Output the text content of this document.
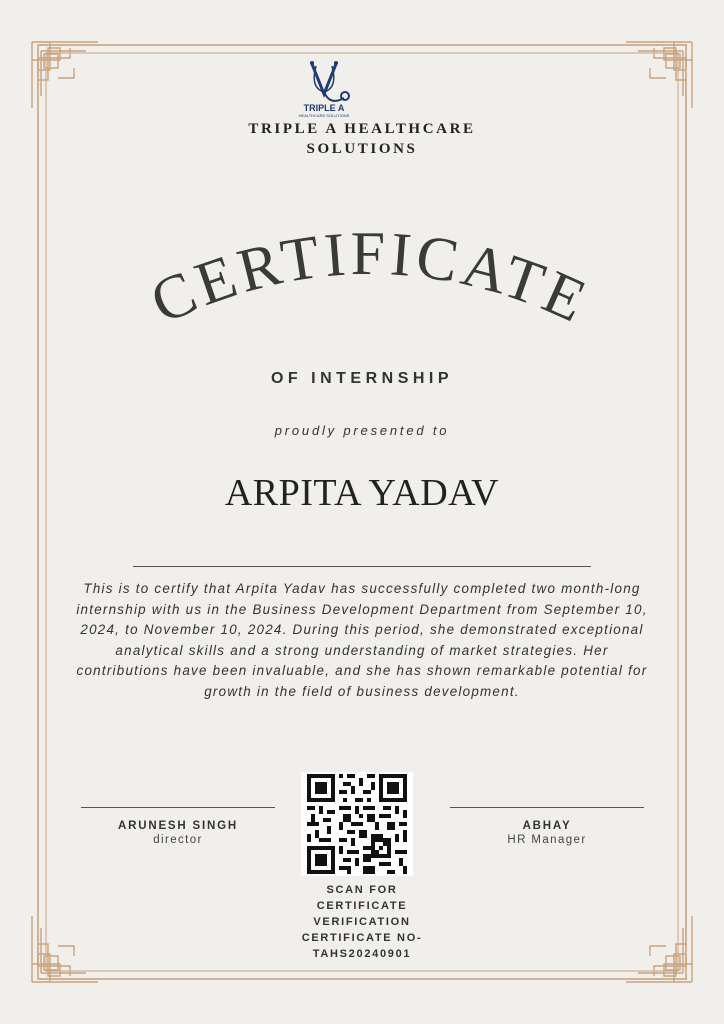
TRIPLE A
HEALTHCARE SOLUTIONS
TRIPLE A HEALTHCARE
SOLUTIONS
CERTIFICATE
OF INTERNSHIP
proudly presented to
ARPITA YADAV
This is to certify that Arpita Yadav has successfully completed two month-long internship with us in the Business Development Department from September 10, 2024, to November 10, 2024. During this period, she demonstrated exceptional analytical skills and a strong understanding of market strategies. Her contributions have been invaluable, and she has shown remarkable potential for growth in the field of business development.
ARUNESH SINGH
director
ABHAY
HR Manager
SCAN FOR
CERTIFICATE
VERIFICATION
CERTIFICATE NO-
TAHS20240901
